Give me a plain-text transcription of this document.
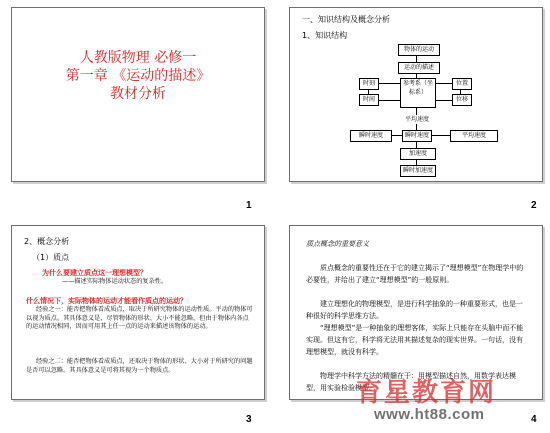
人教版物理 必修一
第一章 《运动的描述》
教材分析
1
一、知识结构及概念分析
1、知识结构
物体的运动
运动的描述
时刻	参考系（坐标系）
位置
时间	位移
平均速度
瞬时速度	瞬时速度	平均速度
加速度
瞬时加速度
2
2、概念分析
（1）质点
为什么要建立质点这一理想模型？
——描述实际物体运动状态的复杂性。
什么情况下，实际物体的运动才能看作质点的运动？
经验之一：能否把物体看成质点，取决于所研究物体的运动性质。平动的物体可以视为质点。其具体意义是，尽管物体的形状、大小不能忽略，但由于物体内各点的运动情况相同，因而可用其上任一点的运动来描述该物体的运动。
经验之二：能否把物体看成质点，还取决于物体的形状、大小对于所研究的问题是否可以忽略。其具体意义是可将其视为一个物质点。
3
质点概念的重要意义
质点概念的重要性还在于它的建立揭示了“理想模型”在物理学中的必要性，并给出了建立“理想模型”的一般原则。
建立理想化的物理模型，是进行科学抽象的一种重要形式，也是一种很好的科学思维方法。
“理想模型”是一种抽象的理想客体，实际上只能存在头脑中而不能实现。但这有它，科学将无法用其描述复杂的现实世界。一句话，没有理想模型，就没有科学。
物理学中科学方法的精髓在于：用模型描述自然，用数学表达模型，用实验检验模型。
4
育星教育网
www.ht88.com
